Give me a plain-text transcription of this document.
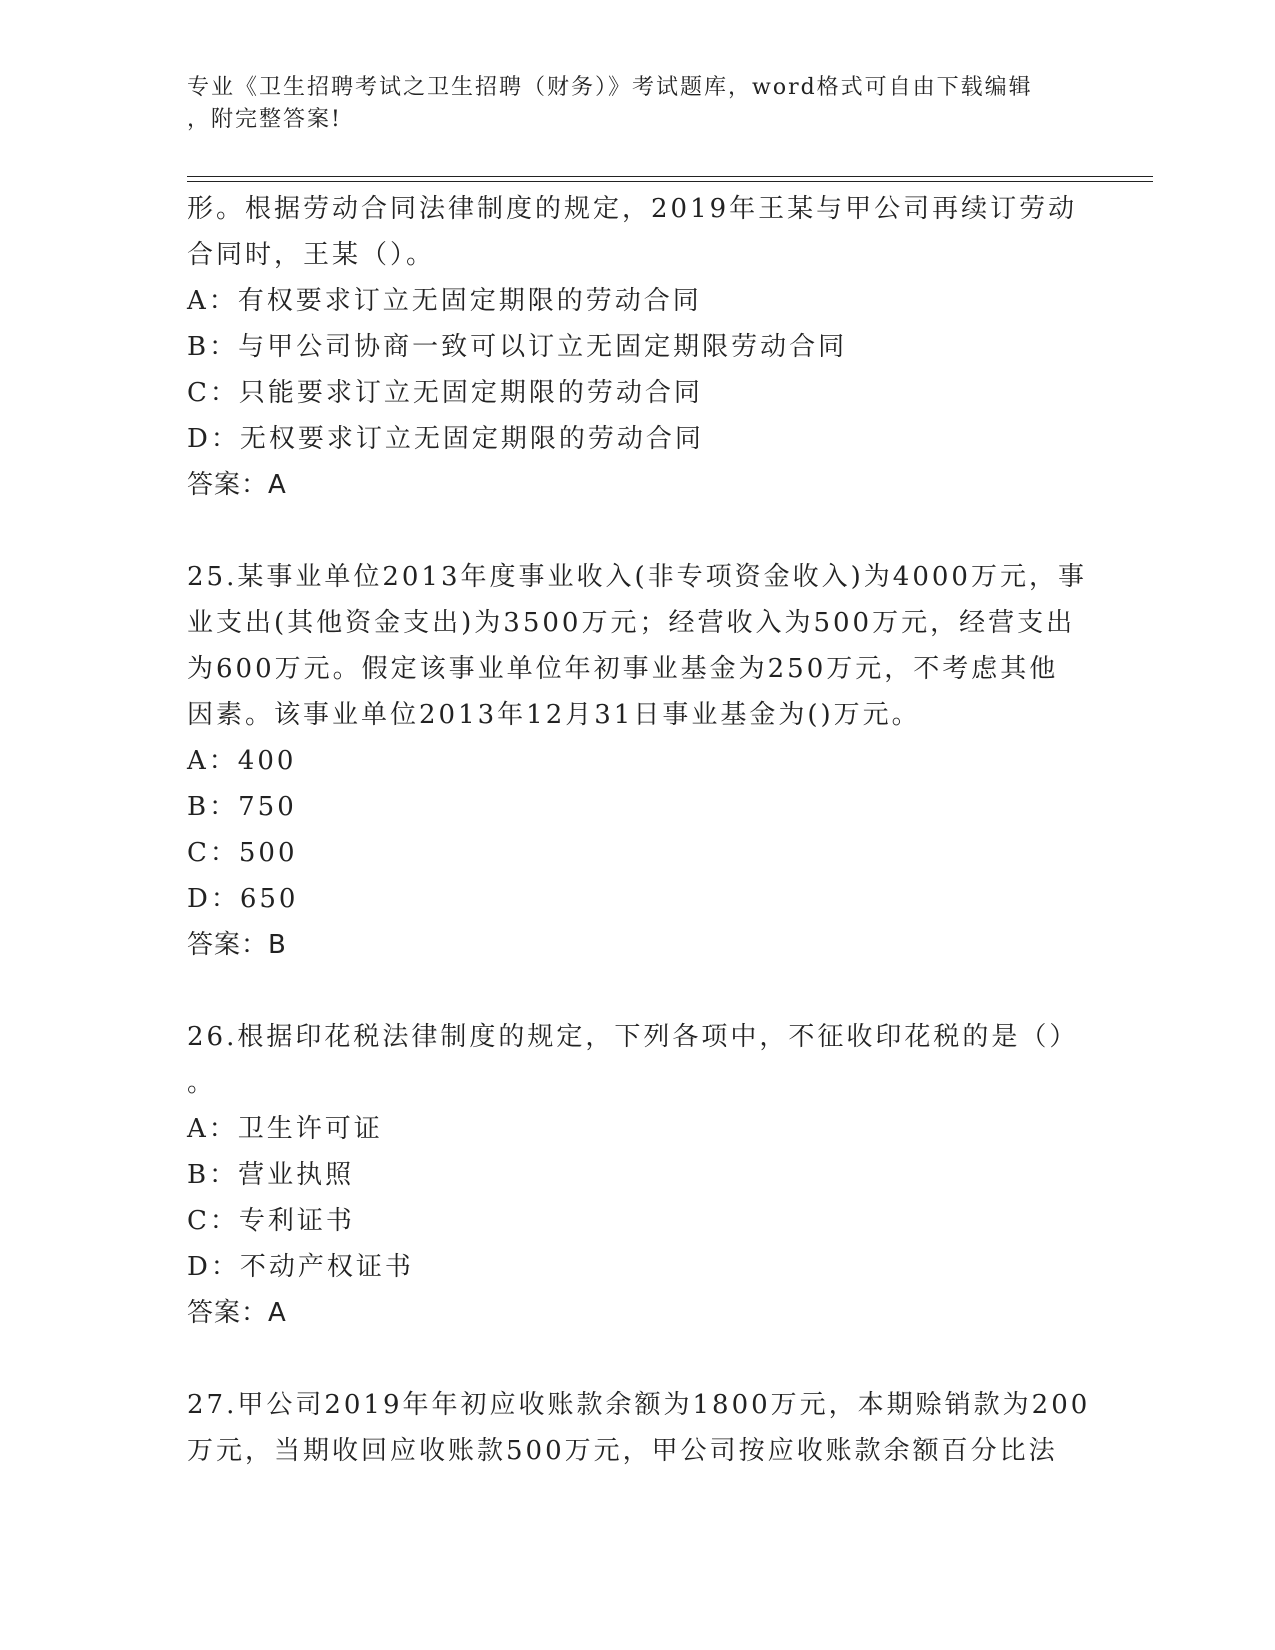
专业《卫生招聘考试之卫生招聘（财务）》考试题库，word格式可自由下载编辑
，附完整答案!
形。根据劳动合同法律制度的规定，2019年王某与甲公司再续订劳动
合同时，王某（）。
A：有权要求订立无固定期限的劳动合同
B：与甲公司协商一致可以订立无固定期限劳动合同
C：只能要求订立无固定期限的劳动合同
D：无权要求订立无固定期限的劳动合同
答案：A
25.某事业单位2013年度事业收入(非专项资金收入)为4000万元，事
业支出(其他资金支出)为3500万元；经营收入为500万元，经营支出
为600万元。假定该事业单位年初事业基金为250万元，不考虑其他
因素。该事业单位2013年12月31日事业基金为()万元。
A：400
B：750
C：500
D：650
答案：B
26.根据印花税法律制度的规定，下列各项中，不征收印花税的是（）
。
A：卫生许可证
B：营业执照
C：专利证书
D：不动产权证书
答案：A
27.甲公司2019年年初应收账款余额为1800万元，本期赊销款为200
万元，当期收回应收账款500万元，甲公司按应收账款余额百分比法
